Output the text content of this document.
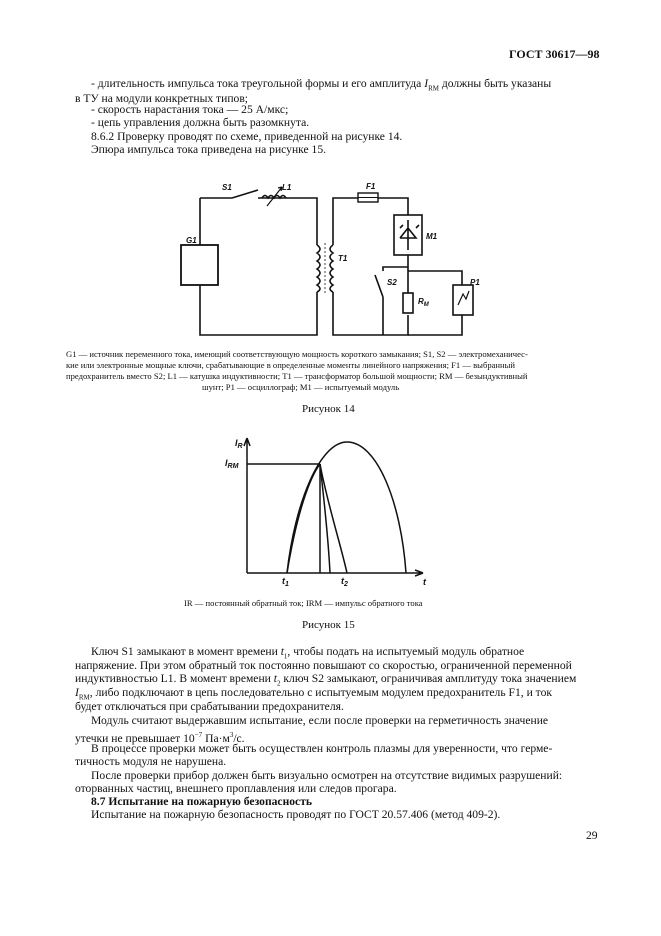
ГОСТ 30617—98
- длительность импульса тока треугольной формы и его амплитуда $I_{RM}$ должны быть указаны
в ТУ на модули конкретных типов;
- скорость нарастания тока — 25 А/мкс;
- цепь управления должна быть разомкнута.
8.6.2 Проверку проводят по схеме, приведенной на рисунке 14.
Эпюра импульса тока приведена на рисунке 15.
S1	L1
G1
T1
F1
M1
S2
$R_M$
P1
G1 — источник переменного тока, имеющий соответствующую мощность короткого замыкания; S1, S2 — электромеханичес-
кие или электронные мощные ключи, срабатывающие в определенные моменты линейного напряжения; F1 — выбранный
предохранитель вместо S2; L1 — катушка индуктивности; T1 — трансформатор большой мощности; RM — безындуктивный
шунт; P1 — осциллограф; M1 — испытуемый модуль
Рисунок 14
$I_R$
$I_{RM}$
t
$t_1$	$t_2$
IR — постоянный обратный ток; IRM — импульс обратного тока
Рисунок 15
Ключ S1 замыкают в момент времени $t_1$, чтобы подать на испытуемый модуль обратное
напряжение. При этом обратный ток постоянно повышают со скоростью, ограниченной переменной
индуктивностью L1. В момент времени $t_2$ ключ S2 замыкают, ограничивая амплитуду тока значением
$I_{RM}$, либо подключают в цепь последовательно с испытуемым модулем предохранитель F1, и ток
будет отключаться при срабатывании предохранителя.
Модуль считают выдержавшим испытание, если после проверки на герметичность значение
утечки не превышает $10^{-7}$ $Па\cdot м^3/с$.
В процессе проверки может быть осуществлен контроль плазмы для уверенности, что герме-
тичность модуля не нарушена.
После проверки прибор должен быть визуально осмотрен на отсутствие видимых разрушений:
оторванных частиц, внешнего проплавления или следов прогара.
8.7 Испытание на пожарную безопасность
Испытание на пожарную безопасность проводят по ГОСТ 20.57.406 (метод 409-2).
29
